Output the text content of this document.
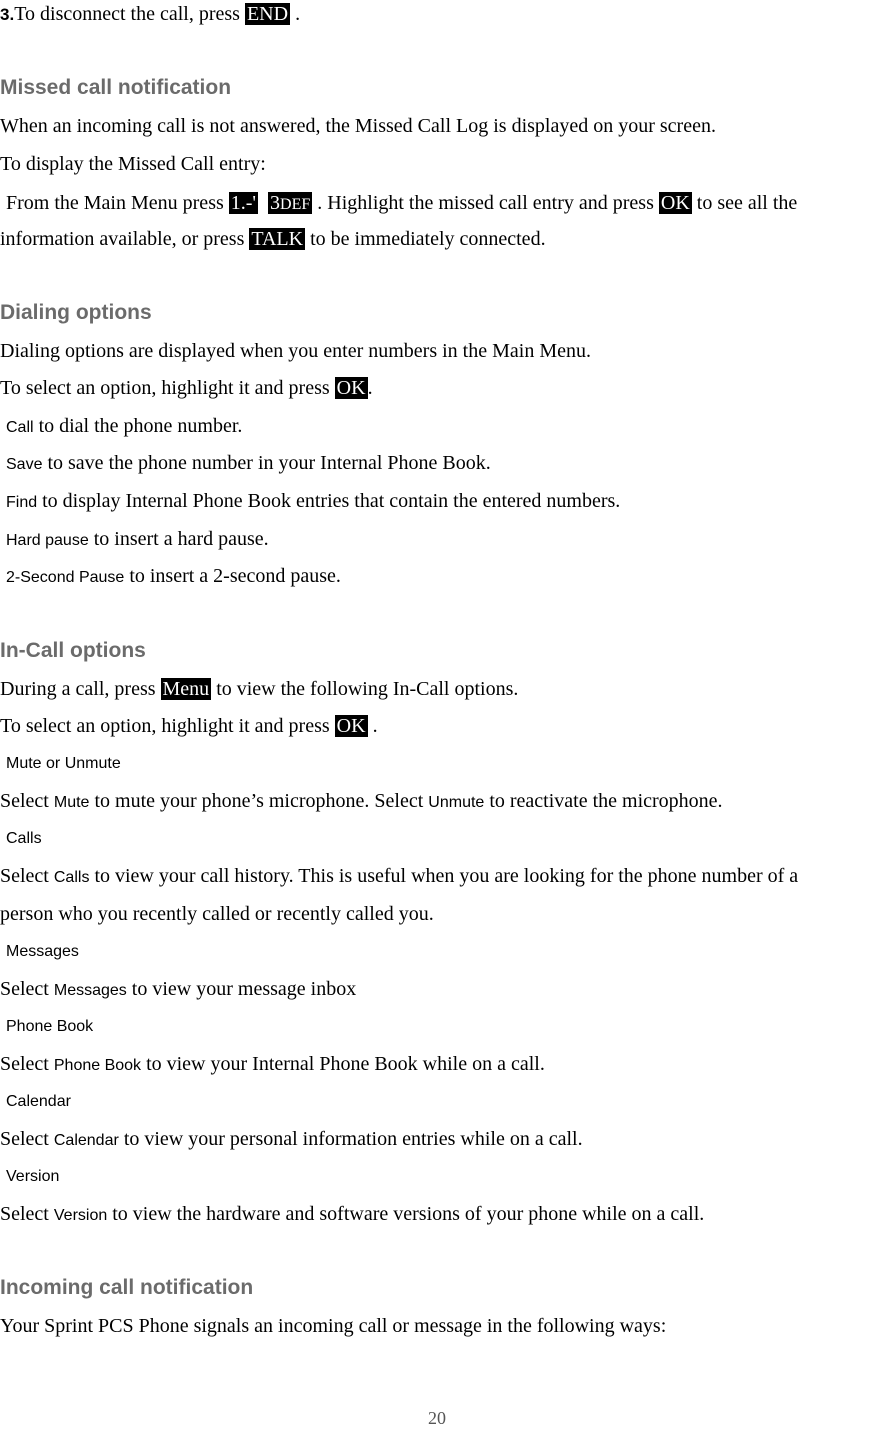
3.To disconnect the call, press END .
Missed call notification
When an incoming call is not answered, the Missed Call Log is displayed on your screen.
To display the Missed Call entry:
From the Main Menu press 1.-' 3DEF . Highlight the missed call entry and press OK to see all the
information available, or press TALK to be immediately connected.
Dialing options
Dialing options are displayed when you enter numbers in the Main Menu.
To select an option, highlight it and press OK .
Call to dial the phone number.
Save to save the phone number in your Internal Phone Book.
Find to display Internal Phone Book entries that contain the entered numbers.
Hard pause to insert a hard pause.
2-Second Pause to insert a 2-second pause.
In-Call options
During a call, press Menu to view the following In-Call options.
To select an option, highlight it and press OK .
Mute or Unmute
Select Mute to mute your phone’s microphone. Select Unmute to reactivate the microphone.
Calls
Select Calls to view your call history. This is useful when you are looking for the phone number of a
person who you recently called or recently called you.
Messages
Select Messages to view your message inbox
Phone Book
Select Phone Book to view your Internal Phone Book while on a call.
Calendar
Select Calendar to view your personal information entries while on a call.
Version
Select Version to view the hardware and software versions of your phone while on a call.
Incoming call notification
Your Sprint PCS Phone signals an incoming call or message in the following ways:
20
